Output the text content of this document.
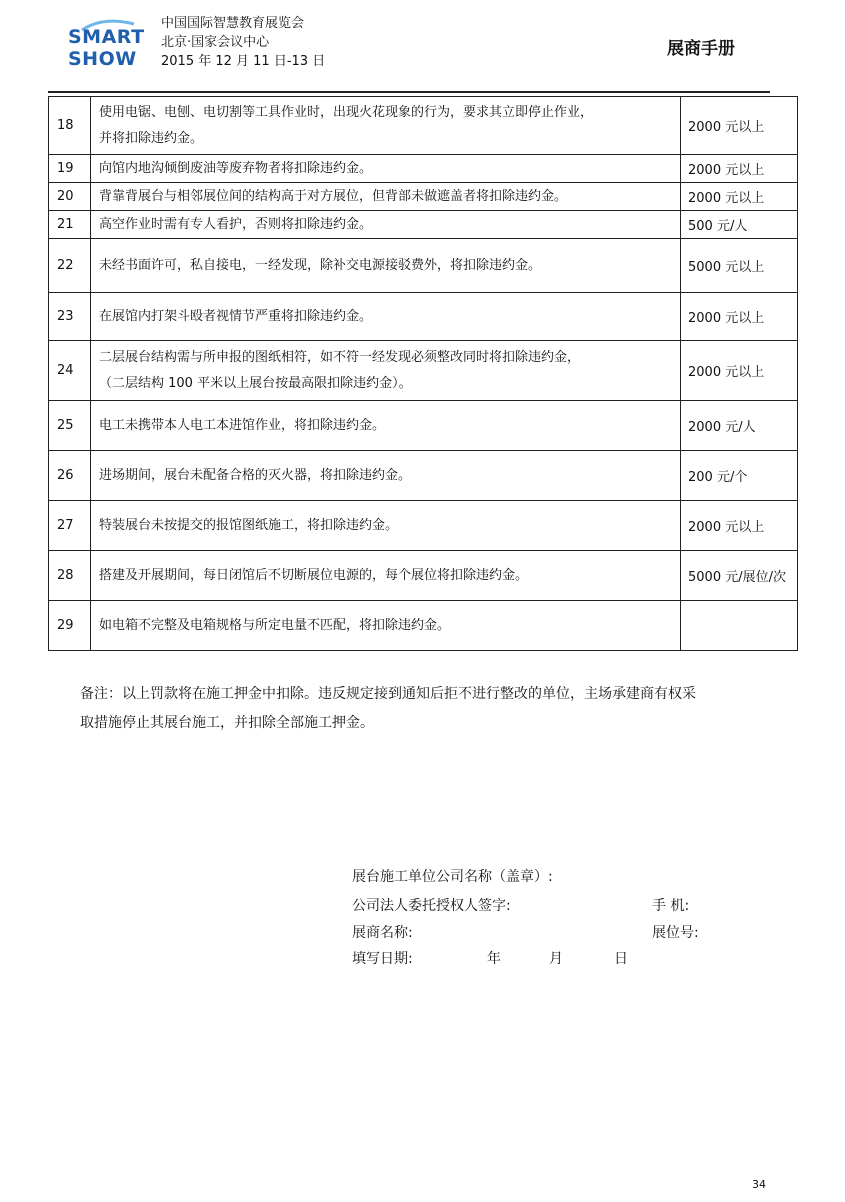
SMART
SHOW
中国国际智慧教育展览会
北京·国家会议中心
2015 年 12 月 11 日-13 日
展商手册
18	使用电锯、电刨、电切割等工具作业时，出现火花现象的行为，要求其立即停止作业，
并将扣除违约金。	2000 元以上
19	向馆内地沟倾倒废油等废弃物者将扣除违约金。	2000 元以上
20	背靠背展台与相邻展位间的结构高于对方展位，但背部未做遮盖者将扣除违约金。	2000 元以上
21	高空作业时需有专人看护，否则将扣除违约金。	500 元/人
22	未经书面许可，私自接电，一经发现，除补交电源接驳费外，将扣除违约金。	5000 元以上
23	在展馆内打架斗殴者视情节严重将扣除违约金。	2000 元以上
24	二层展台结构需与所申报的图纸相符，如不符一经发现必须整改同时将扣除违约金，
（二层结构 100 平米以上展台按最高限扣除违约金）。	2000 元以上
25	电工未携带本人电工本进馆作业，将扣除违约金。	2000 元/人
26	进场期间，展台未配备合格的灭火器，将扣除违约金。	200 元/个
27	特装展台未按提交的报馆图纸施工，将扣除违约金。	2000 元以上
28	搭建及开展期间，每日闭馆后不切断展位电源的，每个展位将扣除违约金。	5000 元/展位/次
29	如电箱不完整及电箱规格与所定电量不匹配，将扣除违约金。	

备注：以上罚款将在施工押金中扣除。违反规定接到通知后拒不进行整改的单位，主场承建商有权采
取措施停止其展台施工，并扣除全部施工押金。
展台施工单位公司名称（盖章）:
公司法人委托授权人签字:	手 机:
展商名称:	展位号:
填写日期:	年	月	日
34
